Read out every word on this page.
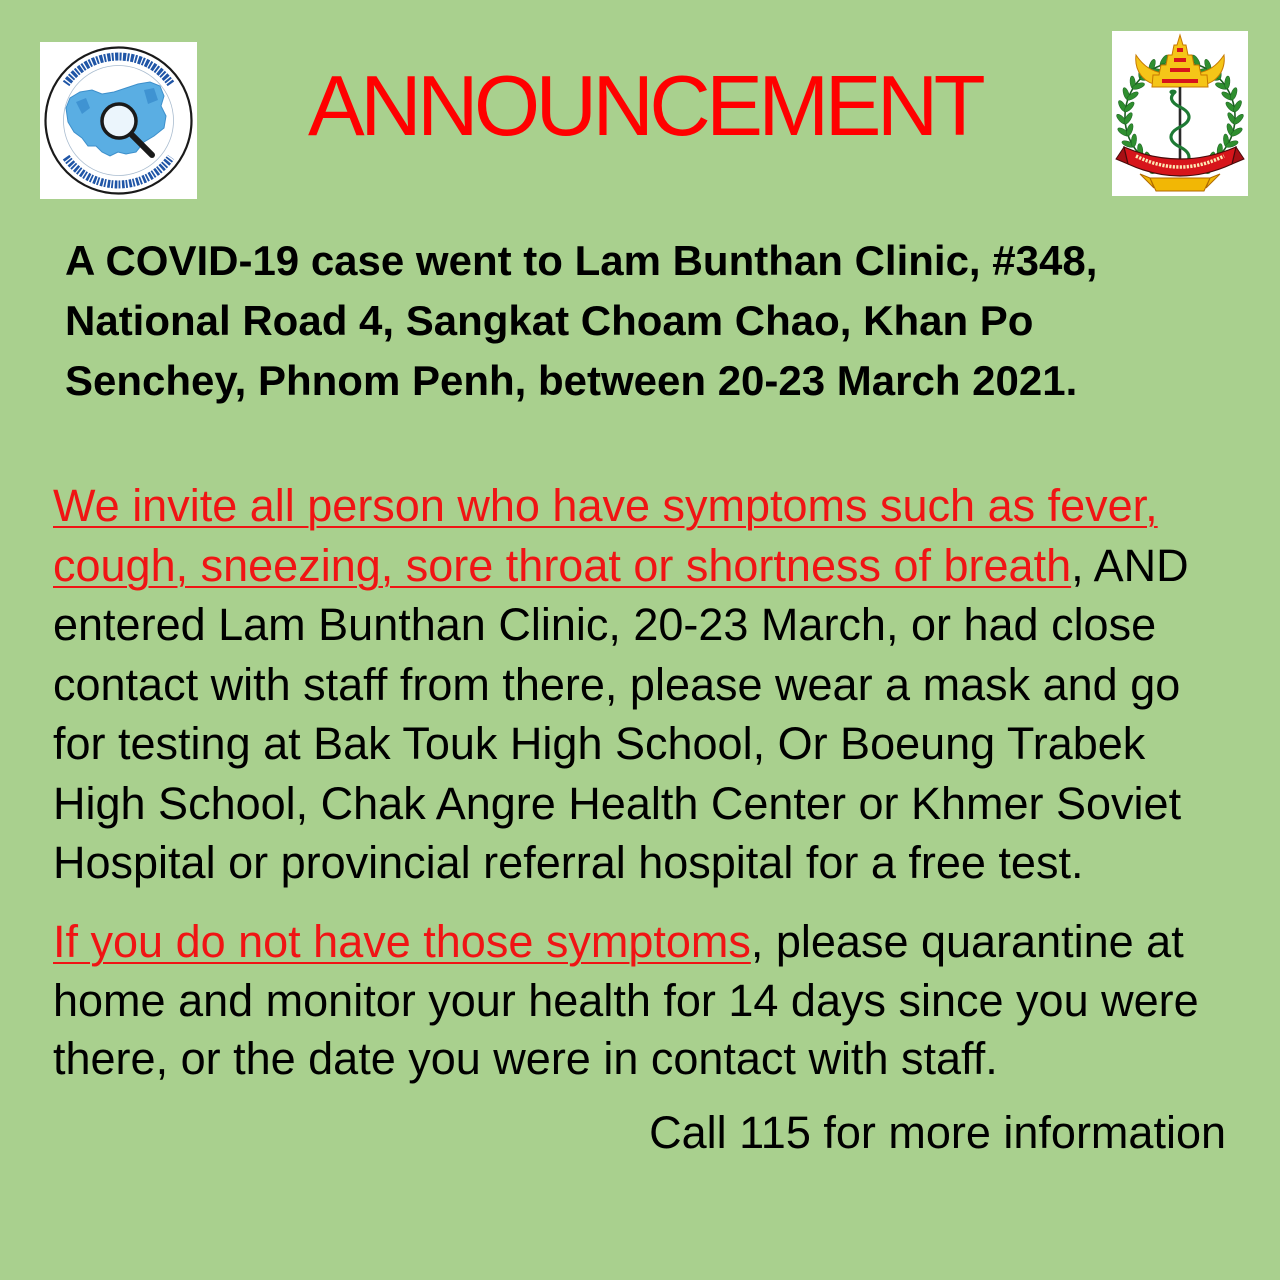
ANNOUNCEMENT

A COVID-19 case went to Lam Bunthan Clinic, #348, National Road 4, Sangkat Choam Chao, Khan Po Senchey, Phnom Penh, between 20-23 March 2021.

We invite all person who have symptoms such as fever, cough, sneezing, sore throat or shortness of breath, AND entered Lam Bunthan Clinic, 20-23 March, or had close contact with staff from there, please wear a mask and go for testing at Bak Touk High School, Or Boeung Trabek High School, Chak Angre Health Center or Khmer Soviet Hospital or provincial referral hospital for a free test.

If you do not have those symptoms, please quarantine at home and monitor your health for 14 days since you were there, or the date you were in contact with staff.

Call 115 for more information
